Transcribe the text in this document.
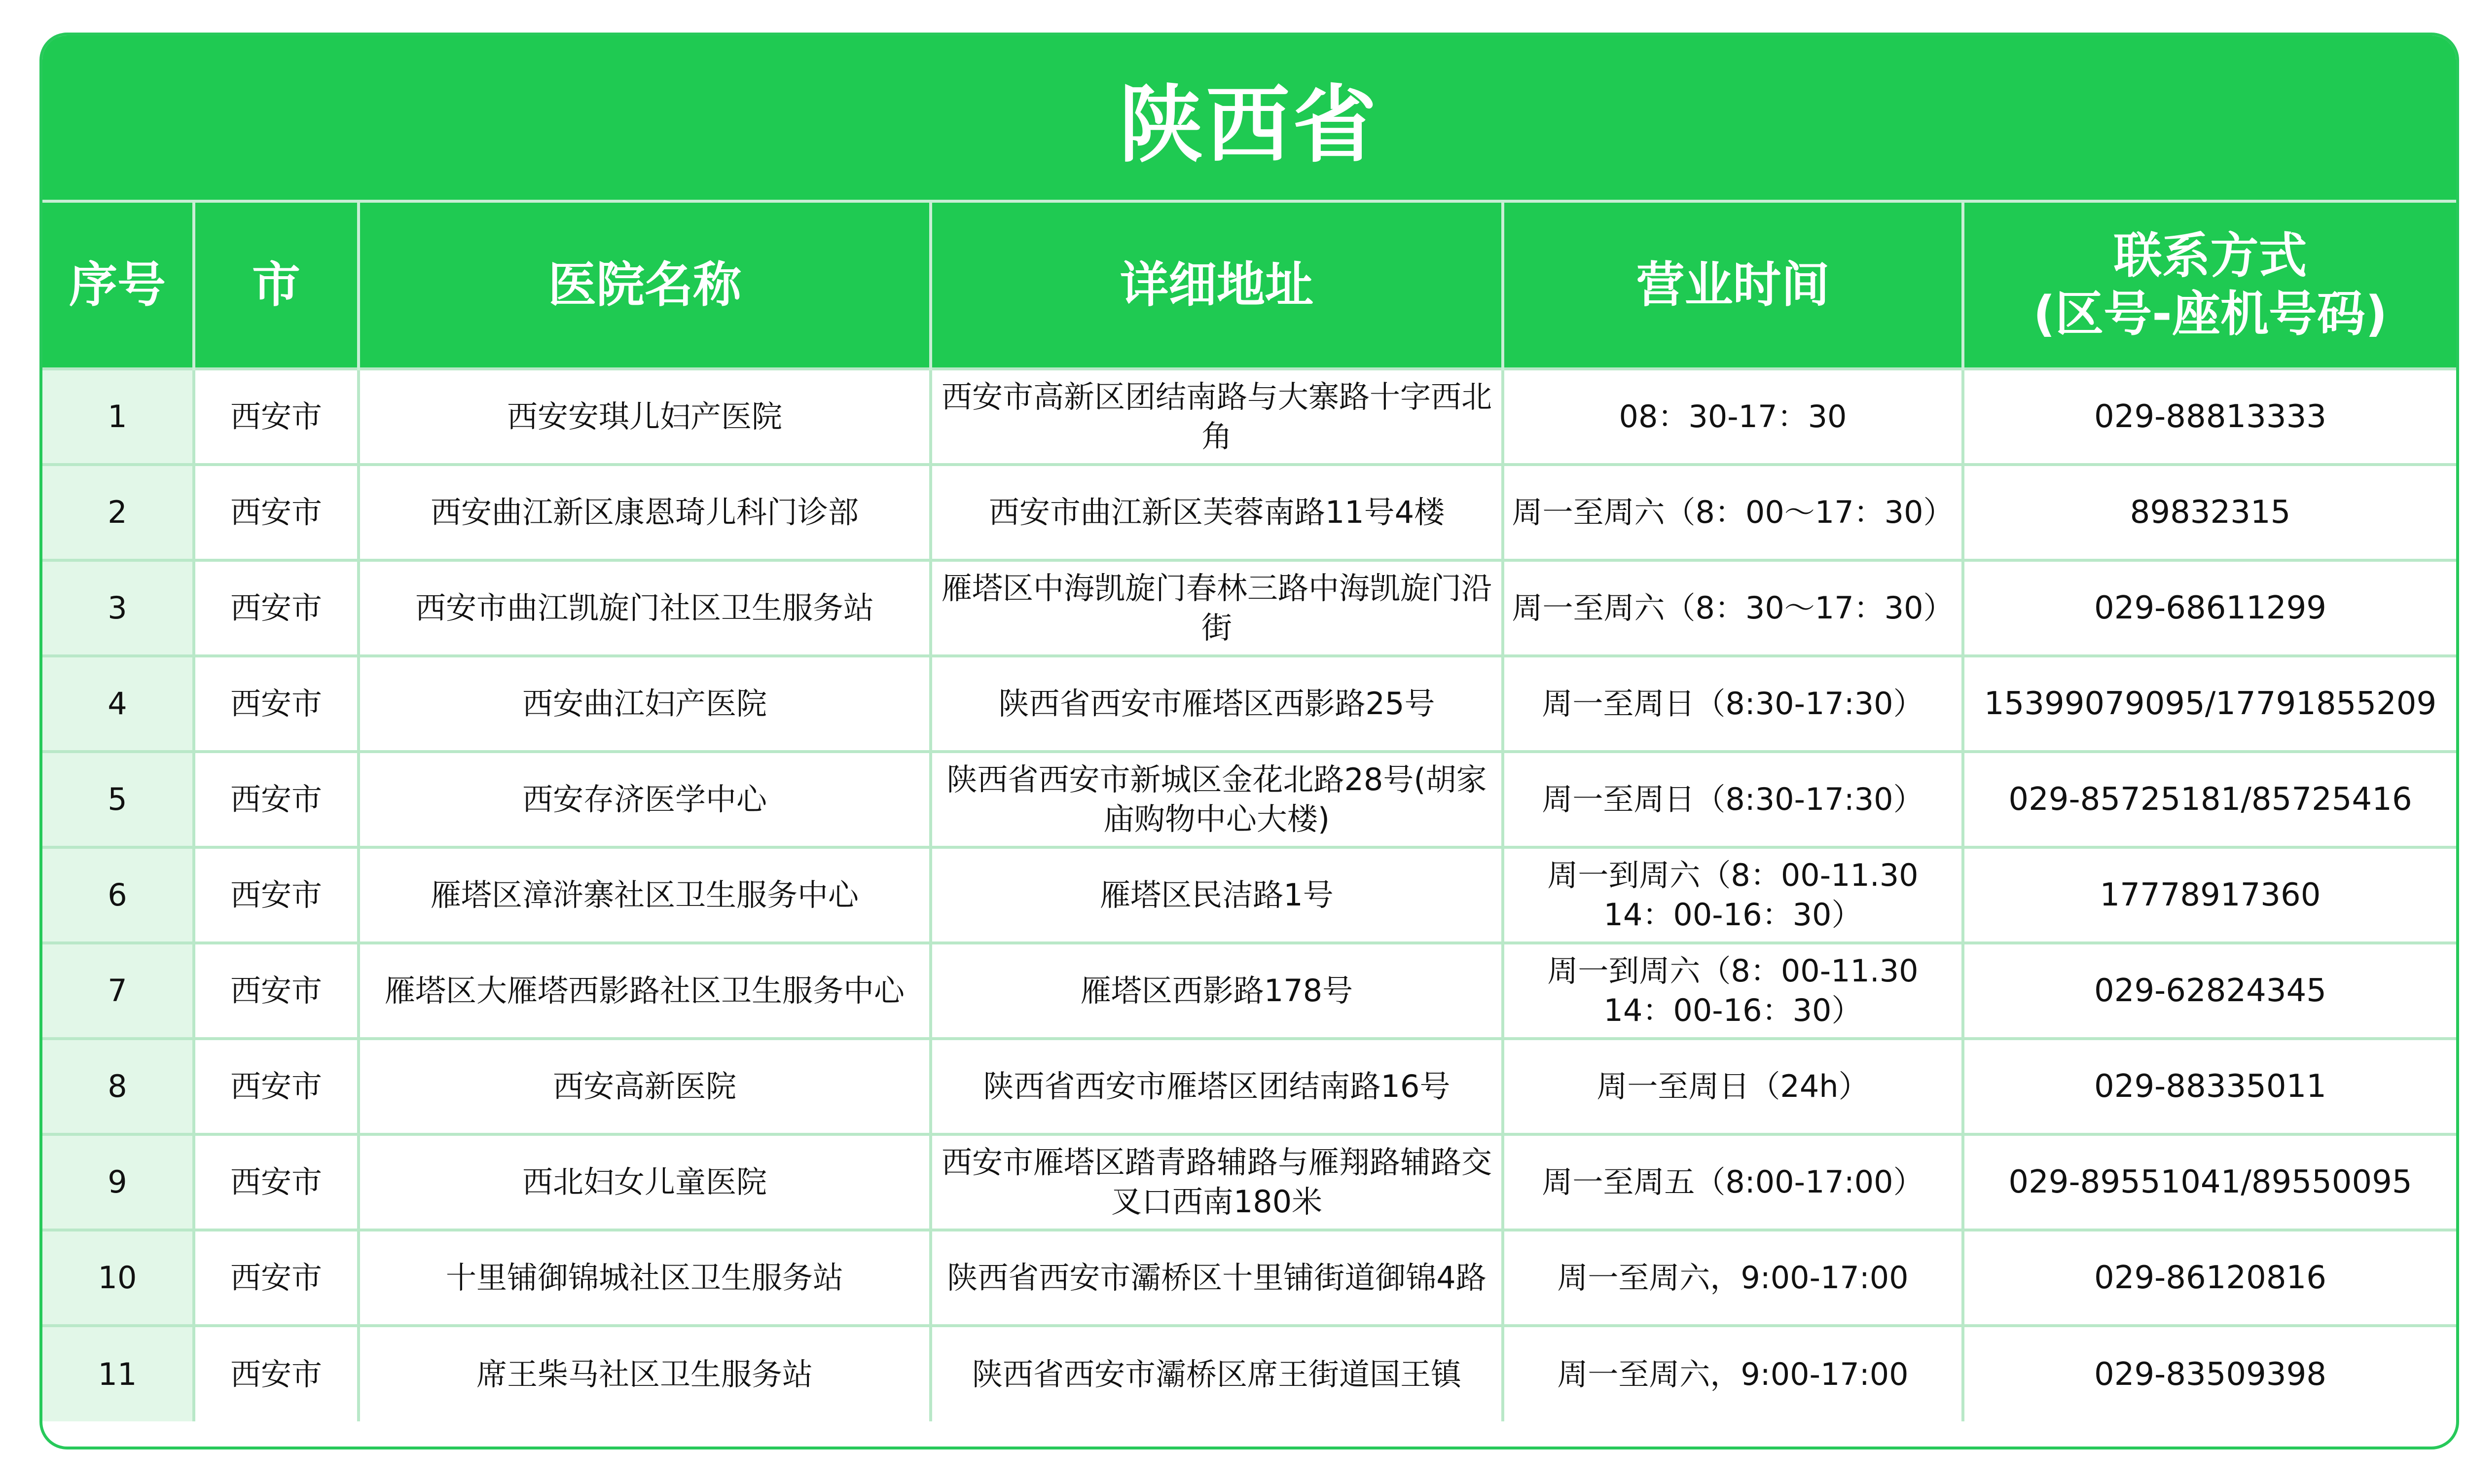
陕西省
序号	市	医院名称	详细地址	营业时间	联系方式
(区号-座机号码)

1	西安市	西安安琪儿妇产医院	西安市高新区团结南路与大寨路十字西北角	08：30-17：30	029-88813333
2	西安市	西安曲江新区康恩琦儿科门诊部	西安市曲江新区芙蓉南路11号4楼	周一至周六（8：00～17：30）	89832315
3	西安市	西安市曲江凯旋门社区卫生服务站	雁塔区中海凯旋门春林三路中海凯旋门沿街	周一至周六（8：30～17：30）	029-68611299
4	西安市	西安曲江妇产医院	陕西省西安市雁塔区西影路25号	周一至周日（8:30-17:30）	15399079095/17791855209
5	西安市	西安存济医学中心	陕西省西安市新城区金花北路28号(胡家庙购物中心大楼)	周一至周日（8:30-17:30）	029-85725181/85725416
6	西安市	雁塔区漳浒寨社区卫生服务中心	雁塔区民洁路1号	周一到周六（8：00-11.30 14：00-16：30）	17778917360
7	西安市	雁塔区大雁塔西影路社区卫生服务中心	雁塔区西影路178号	周一到周六（8：00-11.30 14：00-16：30）	029-62824345
8	西安市	西安高新医院	陕西省西安市雁塔区团结南路16号	周一至周日（24h）	029-88335011
9	西安市	西北妇女儿童医院	西安市雁塔区踏青路辅路与雁翔路辅路交叉口西南180米	周一至周五（8:00-17:00）	029-89551041/89550095
10	西安市	十里铺御锦城社区卫生服务站	陕西省西安市灞桥区十里铺街道御锦4路	周一至周六，9:00-17:00	029-86120816
11	西安市	席王柴马社区卫生服务站	陕西省西安市灞桥区席王街道国王镇	周一至周六，9:00-17:00	029-83509398
